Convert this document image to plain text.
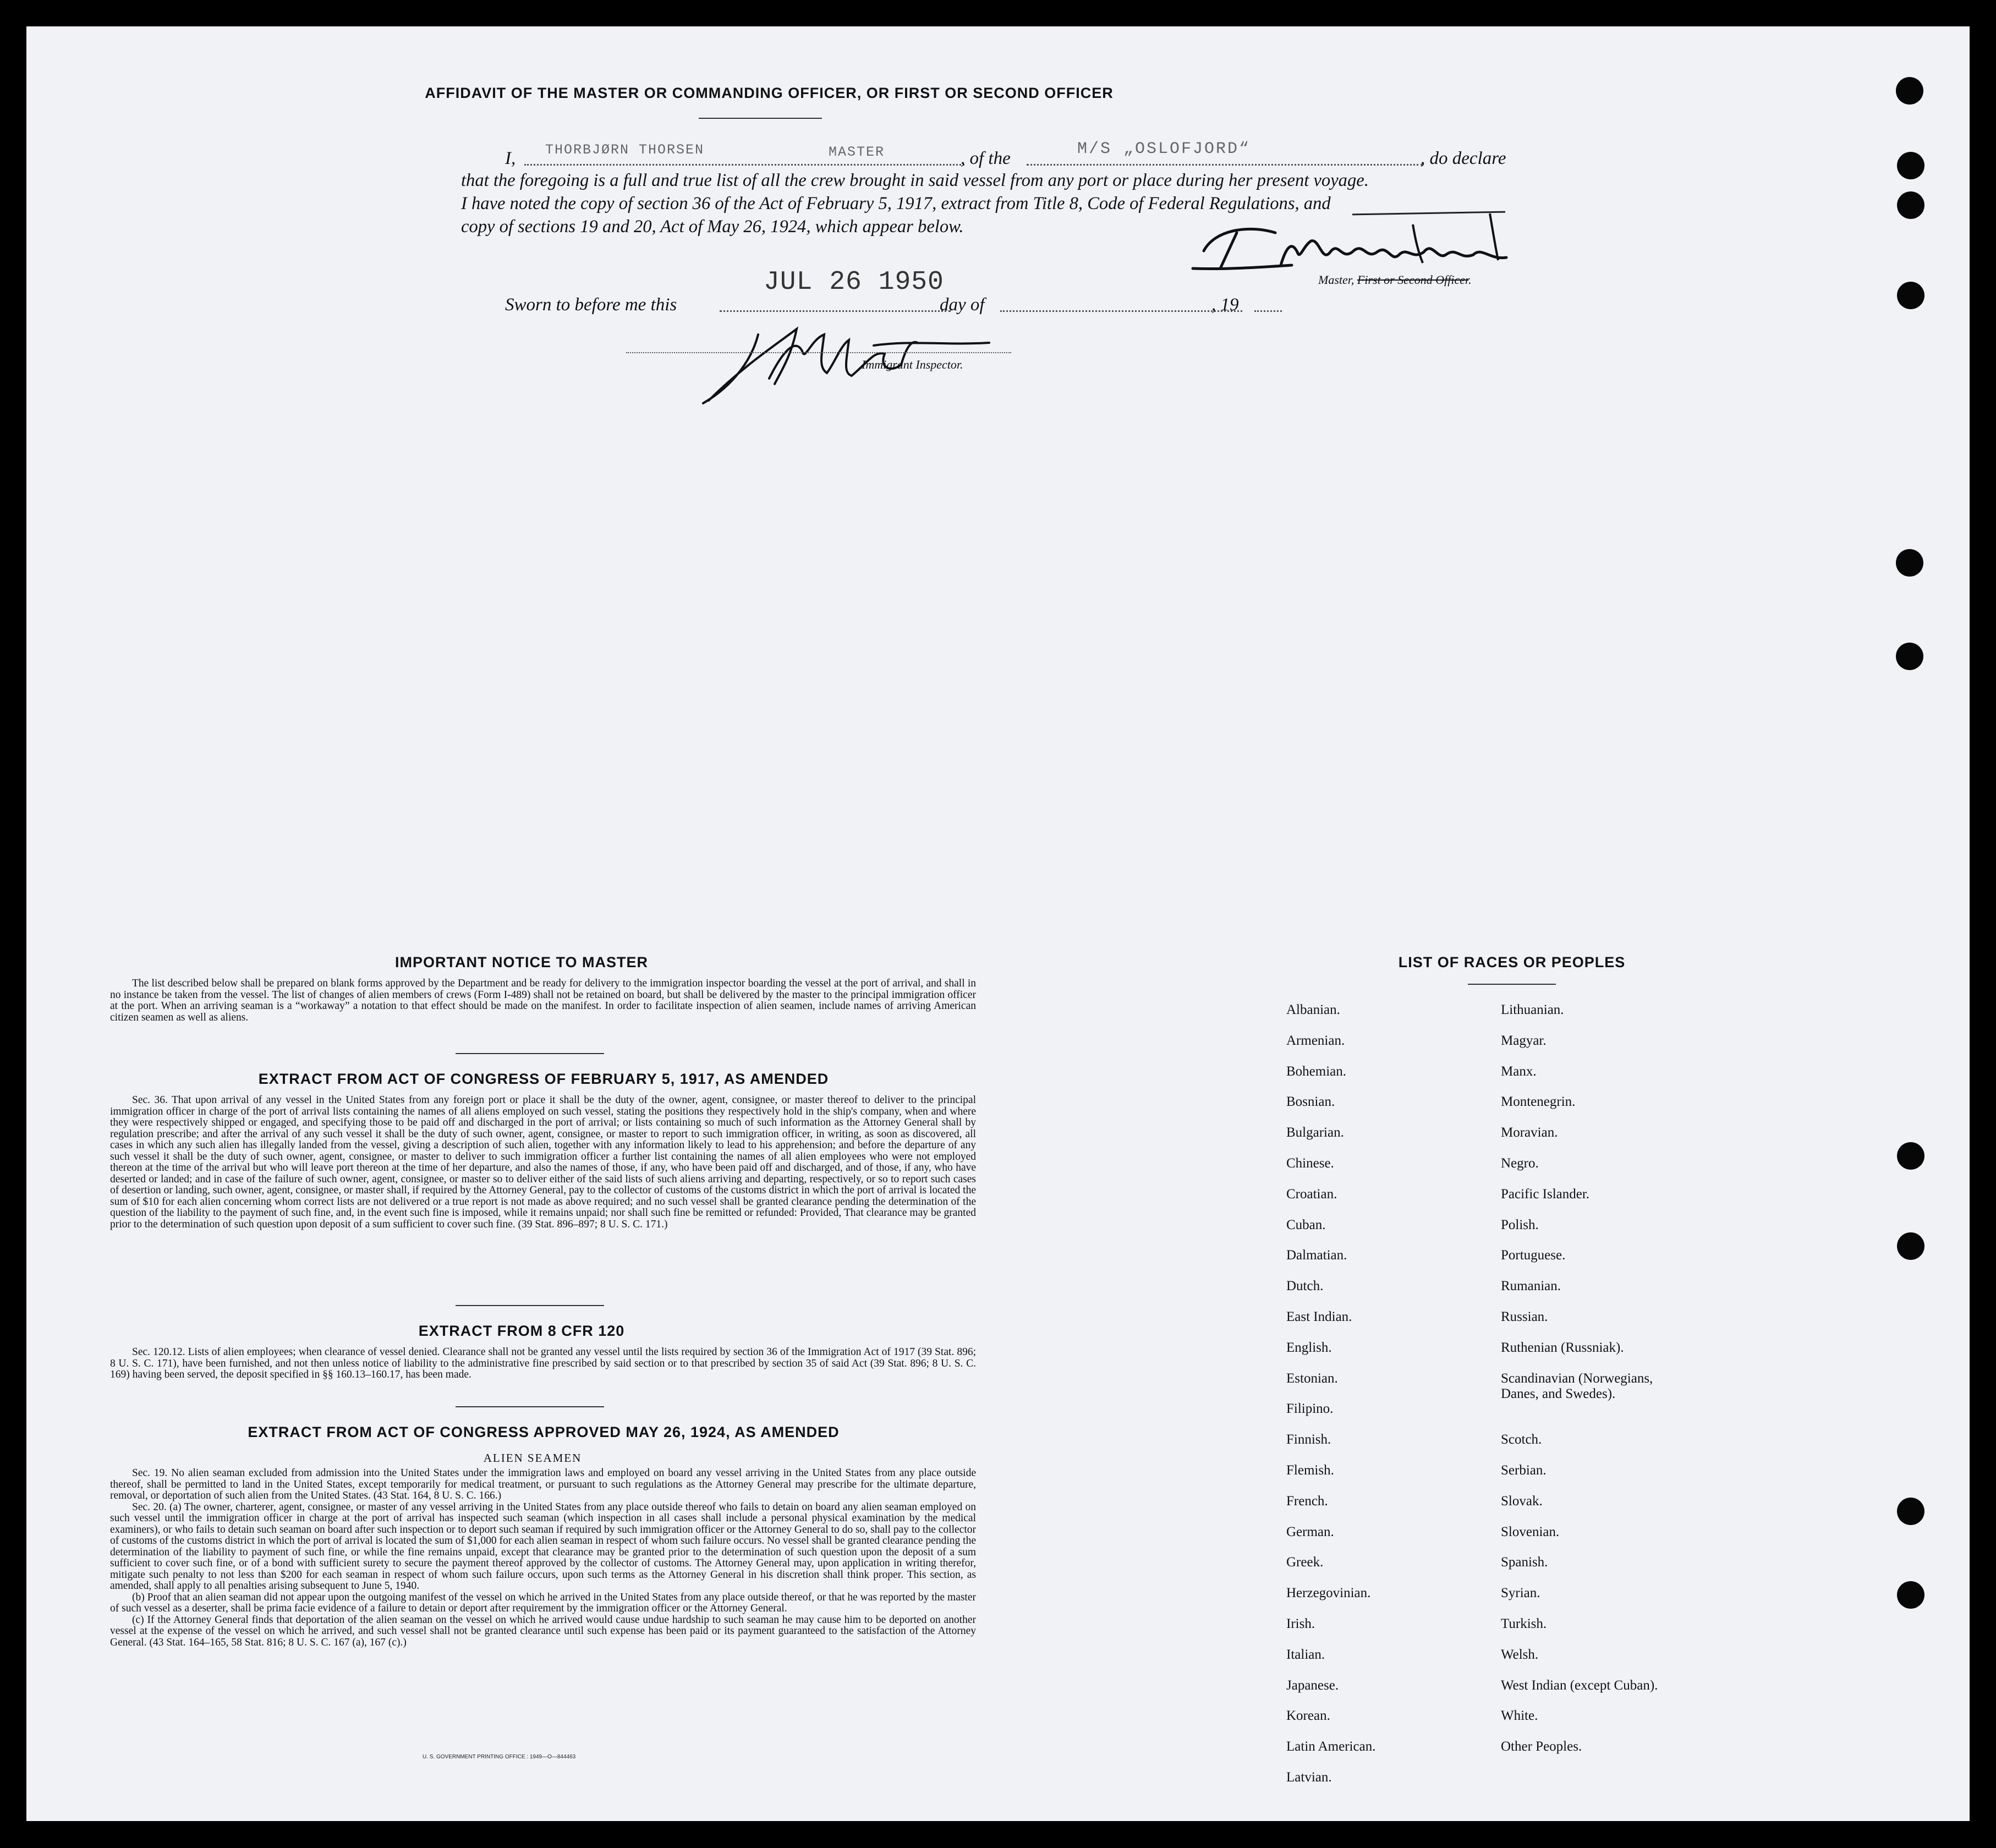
AFFIDAVIT OF THE MASTER OR COMMANDING OFFICER, OR FIRST OR SECOND OFFICER
I, THORBJØRN THORSEN	MASTER	, of the	M/S „OSLOFJORD“	, do declare
that the foregoing is a full and true list of all the crew brought in said vessel from any port or place during her present voyage.
I have noted the copy of section 36 of the Act of February 5, 1917, extract from Title 8, Code of Federal Regulations, and
copy of sections 19 and 20, Act of May 26, 1924, which appear below.
Master, First or Second Officer.
Sworn to before me this
JUL 26 1950
day of	, 19
Immigrant Inspector.
IMPORTANT NOTICE TO MASTER

The list described below shall be prepared on blank forms approved by the Department and be ready for delivery to the immigration inspector boarding the vessel at the port of arrival, and shall in no instance be taken from the vessel. The list of changes of alien members of crews (Form I-489) shall not be retained on board, but shall be delivered by the master to the principal immigration officer at the port. When an arriving seaman is a “workaway” a notation to that effect should be made on the manifest. In order to facilitate inspection of alien seamen, include names of arriving American citizen seamen as well as aliens.

EXTRACT FROM ACT OF CONGRESS OF FEBRUARY 5, 1917, AS AMENDED

Sec. 36. That upon arrival of any vessel in the United States from any foreign port or place it shall be the duty of the owner, agent, consignee, or master thereof to deliver to the principal immigration officer in charge of the port of arrival lists containing the names of all aliens employed on such vessel, stating the positions they respectively hold in the ship's company, when and where they were respectively shipped or engaged, and specifying those to be paid off and discharged in the port of arrival; or lists containing so much of such information as the Attorney General shall by regulation prescribe; and after the arrival of any such vessel it shall be the duty of such owner, agent, consignee, or master to report to such immigration officer, in writing, as soon as discovered, all cases in which any such alien has illegally landed from the vessel, giving a description of such alien, together with any information likely to lead to his apprehension; and before the departure of any such vessel it shall be the duty of such owner, agent, consignee, or master to deliver to such immigration officer a further list containing the names of all alien employees who were not employed thereon at the time of the arrival but who will leave port thereon at the time of her departure, and also the names of those, if any, who have been paid off and discharged, and of those, if any, who have deserted or landed; and in case of the failure of such owner, agent, consignee, or master so to deliver either of the said lists of such aliens arriving and departing, respectively, or so to report such cases of desertion or landing, such owner, agent, consignee, or master shall, if required by the Attorney General, pay to the collector of customs of the customs district in which the port of arrival is located the sum of $10 for each alien concerning whom correct lists are not delivered or a true report is not made as above required; and no such vessel shall be granted clearance pending the determination of the question of the liability to the payment of such fine, and, in the event such fine is imposed, while it remains unpaid; nor shall such fine be remitted or refunded: Provided, That clearance may be granted prior to the determination of such question upon deposit of a sum sufficient to cover such fine. (39 Stat. 896–897; 8 U. S. C. 171.)

EXTRACT FROM 8 CFR 120

Sec. 120.12. Lists of alien employees; when clearance of vessel denied. Clearance shall not be granted any vessel until the lists required by section 36 of the Immigration Act of 1917 (39 Stat. 896; 8 U. S. C. 171), have been furnished, and not then unless notice of liability to the administrative fine prescribed by said section or to that prescribed by section 35 of said Act (39 Stat. 896; 8 U. S. C. 169) having been served, the deposit specified in §§ 160.13–160.17, has been made.

EXTRACT FROM ACT OF CONGRESS APPROVED MAY 26, 1924, AS AMENDED
ALIEN SEAMEN

Sec. 19. No alien seaman excluded from admission into the United States under the immigration laws and employed on board any vessel arriving in the United States from any place outside thereof, shall be permitted to land in the United States, except temporarily for medical treatment, or pursuant to such regulations as the Attorney General may prescribe for the ultimate departure, removal, or deportation of such alien from the United States. (43 Stat. 164, 8 U. S. C. 166.)

Sec. 20. (a) The owner, charterer, agent, consignee, or master of any vessel arriving in the United States from any place outside thereof who fails to detain on board any alien seaman employed on such vessel until the immigration officer in charge at the port of arrival has inspected such seaman (which inspection in all cases shall include a personal physical examination by the medical examiners), or who fails to detain such seaman on board after such inspection or to deport such seaman if required by such immigration officer or the Attorney General to do so, shall pay to the collector of customs of the customs district in which the port of arrival is located the sum of $1,000 for each alien seaman in respect of whom such failure occurs. No vessel shall be granted clearance pending the determination of the liability to payment of such fine, or while the fine remains unpaid, except that clearance may be granted prior to the determination of such question upon the deposit of a sum sufficient to cover such fine, or of a bond with sufficient surety to secure the payment thereof approved by the collector of customs. The Attorney General may, upon application in writing therefor, mitigate such penalty to not less than $200 for each seaman in respect of whom such failure occurs, upon such terms as the Attorney General in his discretion shall think proper. This section, as amended, shall apply to all penalties arising subsequent to June 5, 1940.

(b) Proof that an alien seaman did not appear upon the outgoing manifest of the vessel on which he arrived in the United States from any place outside thereof, or that he was reported by the master of such vessel as a deserter, shall be prima facie evidence of a failure to detain or deport after requirement by the immigration officer or the Attorney General.

(c) If the Attorney General finds that deportation of the alien seaman on the vessel on which he arrived would cause undue hardship to such seaman he may cause him to be deported on another vessel at the expense of the vessel on which he arrived, and such vessel shall not be granted clearance until such expense has been paid or its payment guaranteed to the satisfaction of the Attorney General. (43 Stat. 164–165, 58 Stat. 816; 8 U. S. C. 167 (a), 167 (c).)

U. S. GOVERNMENT PRINTING OFFICE : 1949—O—844463
LIST OF RACES OR PEOPLES
Albanian.
Armenian.
Bohemian.
Bosnian.
Bulgarian.
Chinese.
Croatian.
Cuban.
Dalmatian.
Dutch.
East Indian.
English.
Estonian.
Filipino.
Finnish.
Flemish.
French.
German.
Greek.
Herzegovinian.
Irish.
Italian.
Japanese.
Korean.
Latin American.
Latvian.
Lithuanian.
Magyar.
Manx.
Montenegrin.
Moravian.
Negro.
Pacific Islander.
Polish.
Portuguese.
Rumanian.
Russian.
Ruthenian (Russniak).
Scandinavian (Norwegians, Danes, and Swedes).
Scotch.
Serbian.
Slovak.
Slovenian.
Spanish.
Syrian.
Turkish.
Welsh.
West Indian (except Cuban).
White.
Other Peoples.
